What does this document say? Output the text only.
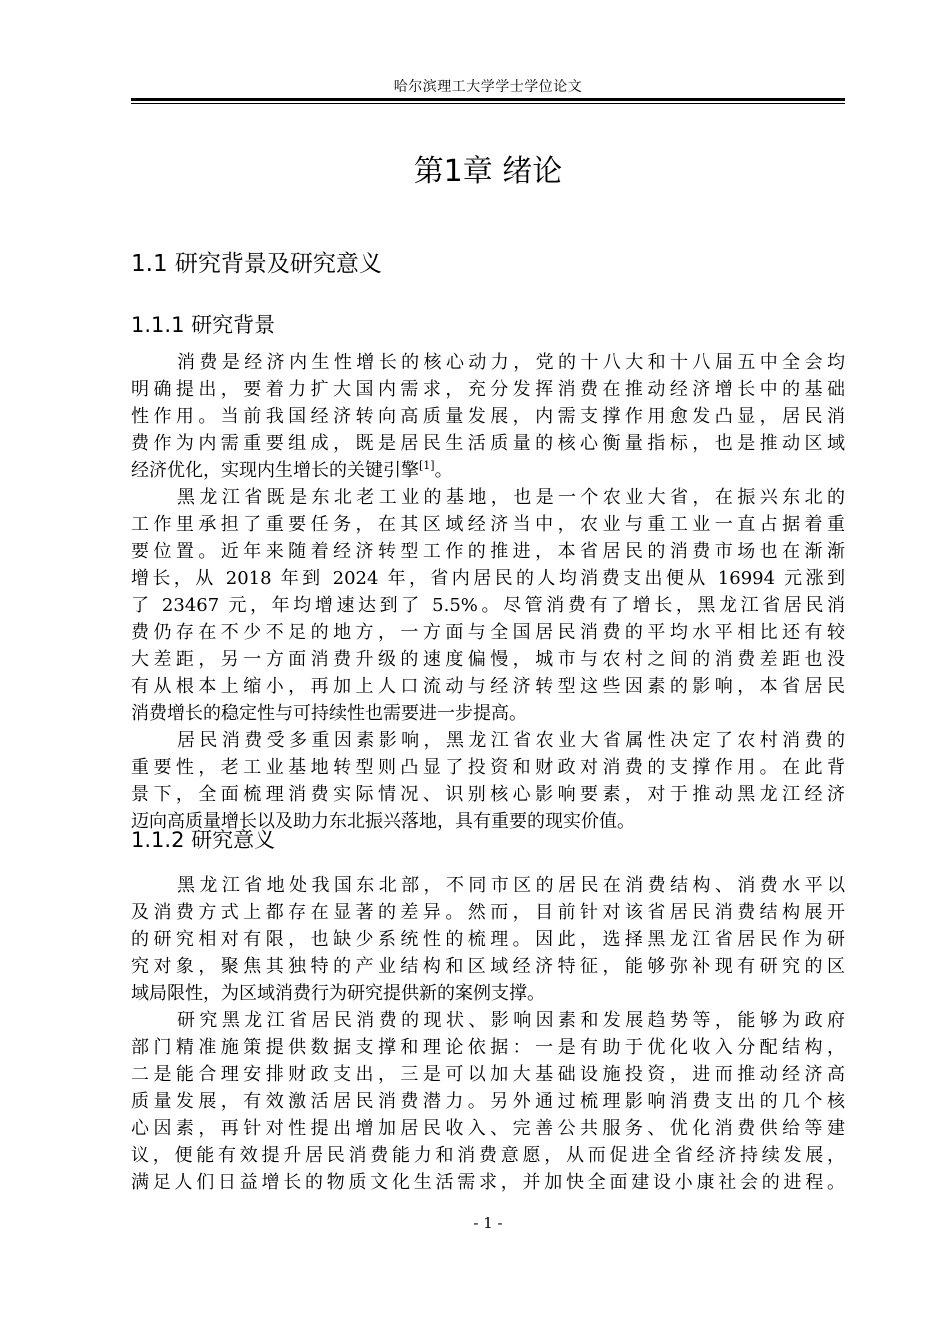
哈尔滨理工大学学士学位论文
第1章 绪论
1.1 研究背景及研究意义
1.1.1 研究背景
消费是经济内生性增长的核心动力，党的十八大和十八届五中全会均
明确提出，要着力扩大国内需求，充分发挥消费在推动经济增长中的基础
性作用。当前我国经济转向高质量发展，内需支撑作用愈发凸显，居民消
费作为内需重要组成，既是居民生活质量的核心衡量指标，也是推动区域
经济优化，实现内生增长的关键引擎[1]。
黑龙江省既是东北老工业的基地，也是一个农业大省，在振兴东北的
工作里承担了重要任务，在其区域经济当中，农业与重工业一直占据着重
要位置。近年来随着经济转型工作的推进，本省居民的消费市场也在渐渐
增长，从 2018 年到 2024 年，省内居民的人均消费支出便从 16994 元涨到
了 23467 元，年均增速达到了 5.5%。尽管消费有了增长，黑龙江省居民消
费仍存在不少不足的地方，一方面与全国居民消费的平均水平相比还有较
大差距，另一方面消费升级的速度偏慢，城市与农村之间的消费差距也没
有从根本上缩小，再加上人口流动与经济转型这些因素的影响，本省居民
消费增长的稳定性与可持续性也需要进一步提高。
居民消费受多重因素影响，黑龙江省农业大省属性决定了农村消费的
重要性，老工业基地转型则凸显了投资和财政对消费的支撑作用。在此背
景下，全面梳理消费实际情况、识别核心影响要素，对于推动黑龙江经济
迈向高质量增长以及助力东北振兴落地，具有重要的现实价值。
1.1.2 研究意义
黑龙江省地处我国东北部，不同市区的居民在消费结构、消费水平以
及消费方式上都存在显著的差异。然而，目前针对该省居民消费结构展开
的研究相对有限，也缺少系统性的梳理。因此，选择黑龙江省居民作为研
究对象，聚焦其独特的产业结构和区域经济特征，能够弥补现有研究的区
域局限性，为区域消费行为研究提供新的案例支撑。
研究黑龙江省居民消费的现状、影响因素和发展趋势等，能够为政府
部门精准施策提供数据支撑和理论依据：一是有助于优化收入分配结构，
二是能合理安排财政支出，三是可以加大基础设施投资，进而推动经济高
质量发展，有效激活居民消费潜力。另外通过梳理影响消费支出的几个核
心因素，再针对性提出增加居民收入、完善公共服务、优化消费供给等建
议，便能有效提升居民消费能力和消费意愿，从而促进全省经济持续发展，
满足人们日益增长的物质文化生活需求，并加快全面建设小康社会的进程。
- 1 -
